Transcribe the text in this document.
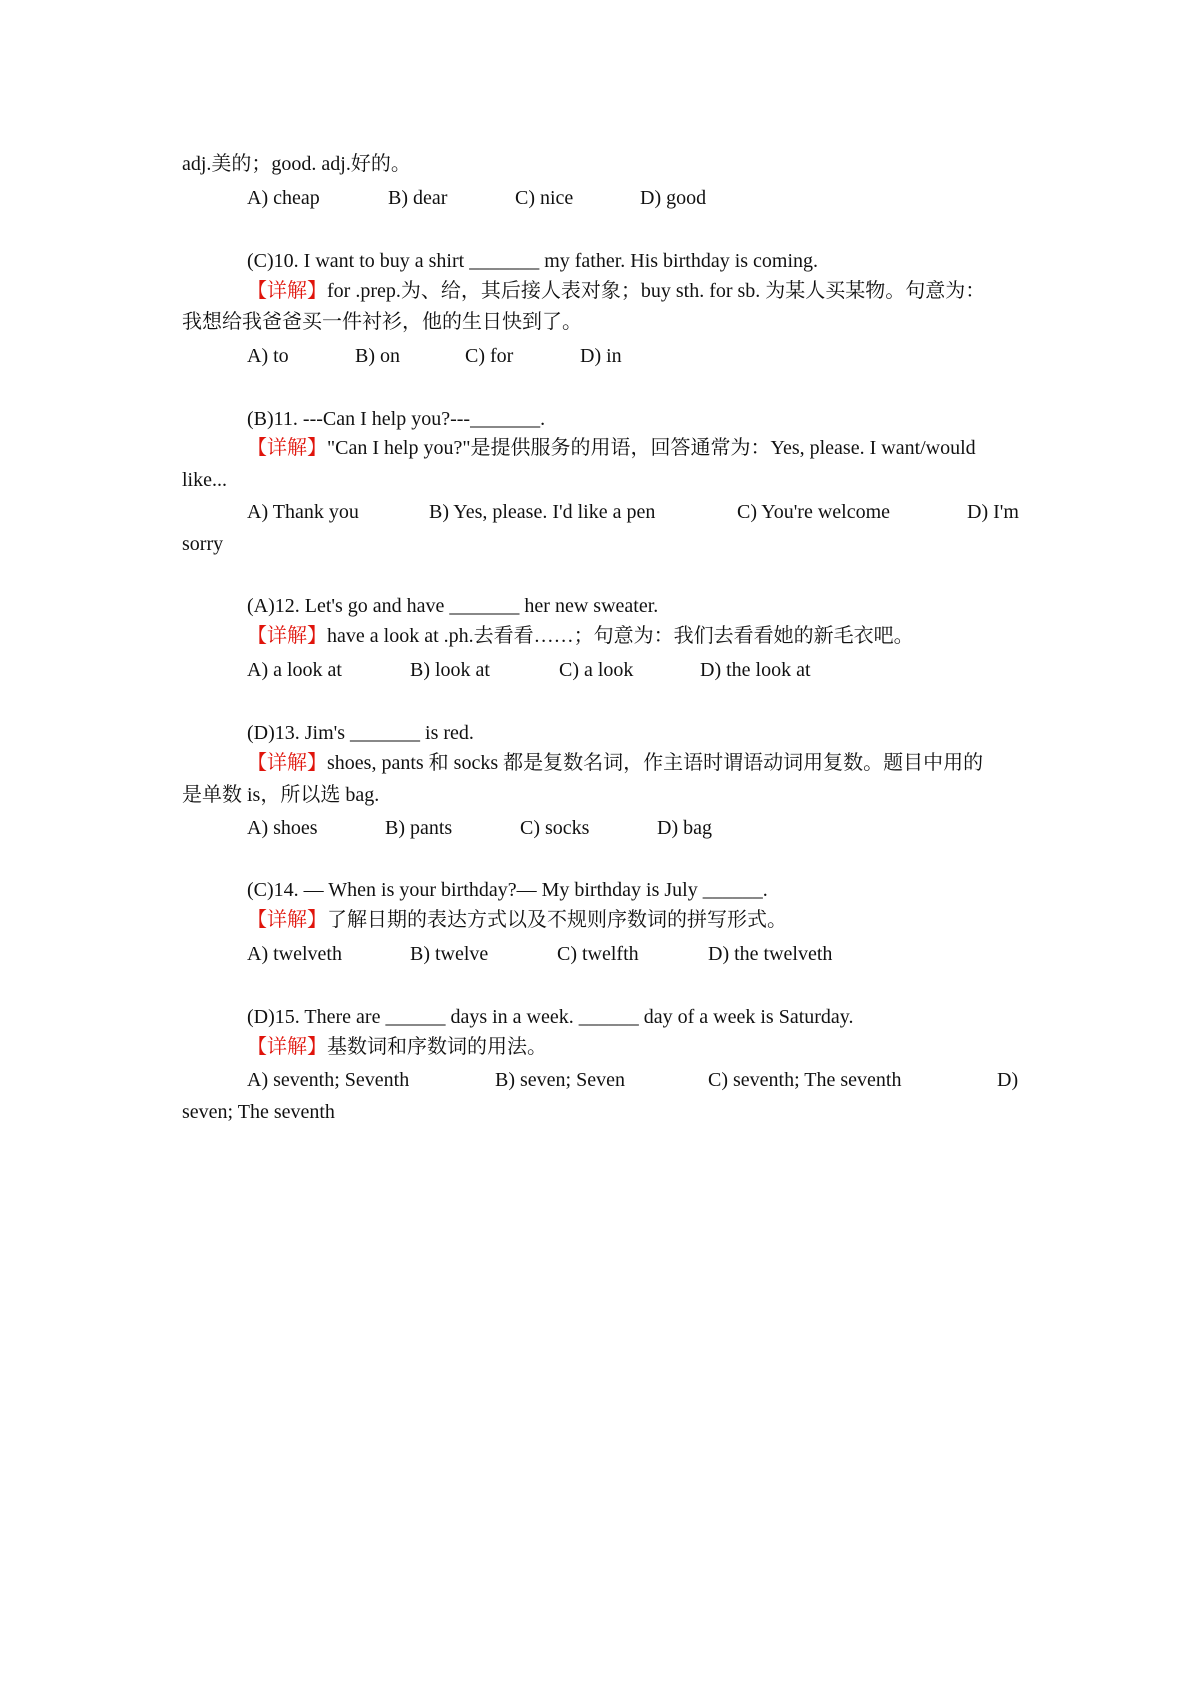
adj.美的；good. adj.好的。
A) cheap	B) dear	C) nice	D) good
(C)10. I want to buy a shirt _______ my father. His birthday is coming.
【详解】for .prep.为、给，其后接人表对象；buy sth. for sb. 为某人买某物。句意为：
我想给我爸爸买一件衬衫，他的生日快到了。
A) to	B) on	C) for	D) in
(B)11. ---Can I help you?---_______.
【详解】"Can I help you?"是提供服务的用语，回答通常为：Yes, please. I want/would
like...
A) Thank you	B) Yes, please. I'd like a pen	C) You're welcome	D) I'm
sorry
(A)12. Let's go and have _______ her new sweater.
【详解】have a look at .ph.去看看……；句意为：我们去看看她的新毛衣吧。
A) a look at	B) look at	C) a look	D) the look at
(D)13. Jim's _______ is red.
【详解】shoes, pants 和 socks 都是复数名词，作主语时谓语动词用复数。题目中用的
是单数 is，所以选 bag.
A) shoes	B) pants	C) socks	D) bag
(C)14. — When is your birthday?— My birthday is July ______.
【详解】了解日期的表达方式以及不规则序数词的拼写形式。
A) twelveth	B) twelve	C) twelfth	D) the twelveth
(D)15. There are ______ days in a week. ______ day of a week is Saturday.
【详解】基数词和序数词的用法。
A) seventh; Seventh	B) seven; Seven	C) seventh; The seventh	D)
seven; The seventh
